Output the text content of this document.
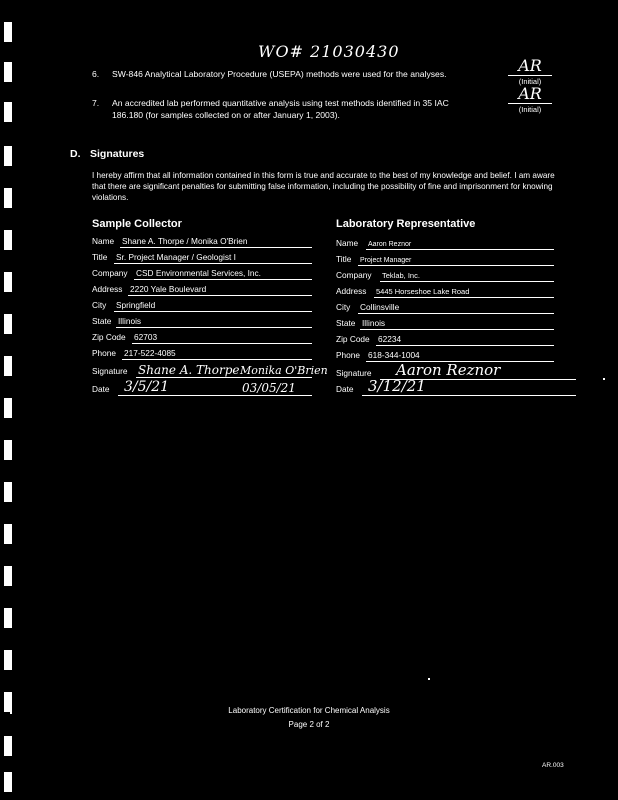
WO# 21030430
6. SW-846 Analytical Laboratory Procedure (USEPA) methods were used for the analyses.	AR
(Initial)
7. An accredited lab performed quantitative analysis using test methods identified in 35 IAC
186.180 (for samples collected on or after January 1, 2003).
AR
(Initial)
D. Signatures
I hereby affirm that all information contained in this form is true and accurate to the best of my knowledge and belief. I am aware that there are significant penalties for submitting false information, including the possibility of fine and imprisonment for knowing violations.
Sample Collector
Name Shane A. Thorpe / Monika O'Brien
Title Sr. Project Manager / Geologist I
Company CSD Environmental Services, Inc.
Address 2220 Yale Boulevard
City Springfield
State Illinois
Zip Code 62703
Phone 217-522-4085
Signature Shane A. Thorpe Monika O'Brien
Date 3/5/21	03/05/21
Laboratory Representative
Name Aaron Reznor
Title Project Manager
Company Teklab, Inc.
Address 5445 Horseshoe Lake Road
City Collinsville
State Illinois
Zip Code 62234
Phone 618-344-1004
Signature Aaron Reznor
Date 3/12/21
Laboratory Certification for Chemical Analysis
Page 2 of 2
AR.003
